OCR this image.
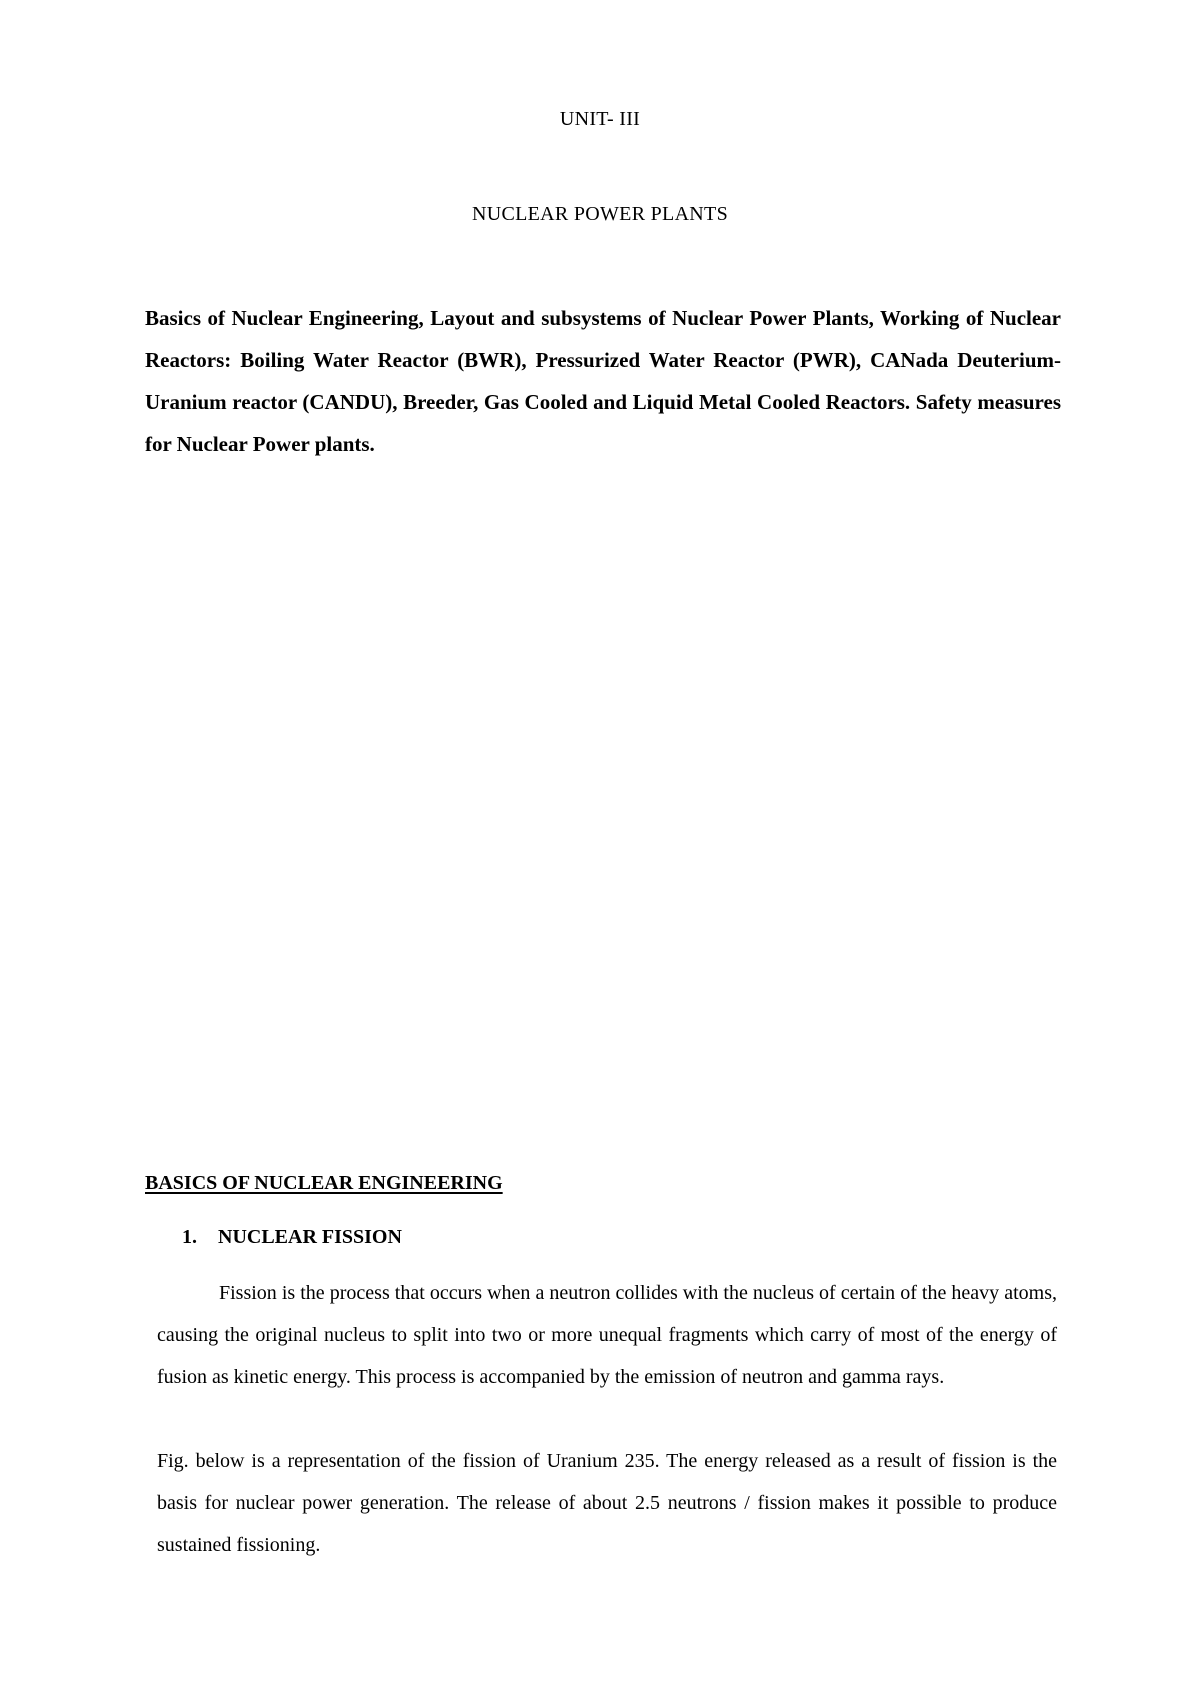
UNIT- III
NUCLEAR POWER PLANTS

Basics of Nuclear Engineering, Layout and subsystems of Nuclear Power Plants, Working of Nuclear Reactors: Boiling Water Reactor (BWR), Pressurized Water Reactor (PWR), CANada Deuterium-Uranium reactor (CANDU), Breeder, Gas Cooled and Liquid Metal Cooled Reactors. Safety measures for Nuclear Power plants.

BASICS OF NUCLEAR ENGINEERING
1. NUCLEAR FISSION

Fission is the process that occurs when a neutron collides with the nucleus of certain of the heavy atoms, causing the original nucleus to split into two or more unequal fragments which carry of most of the energy of fusion as kinetic energy. This process is accompanied by the emission of neutron and gamma rays.

Fig. below is a representation of the fission of Uranium 235. The energy released as a result of fission is the basis for nuclear power generation. The release of about 2.5 neutrons / fission makes it possible to produce sustained fissioning.
